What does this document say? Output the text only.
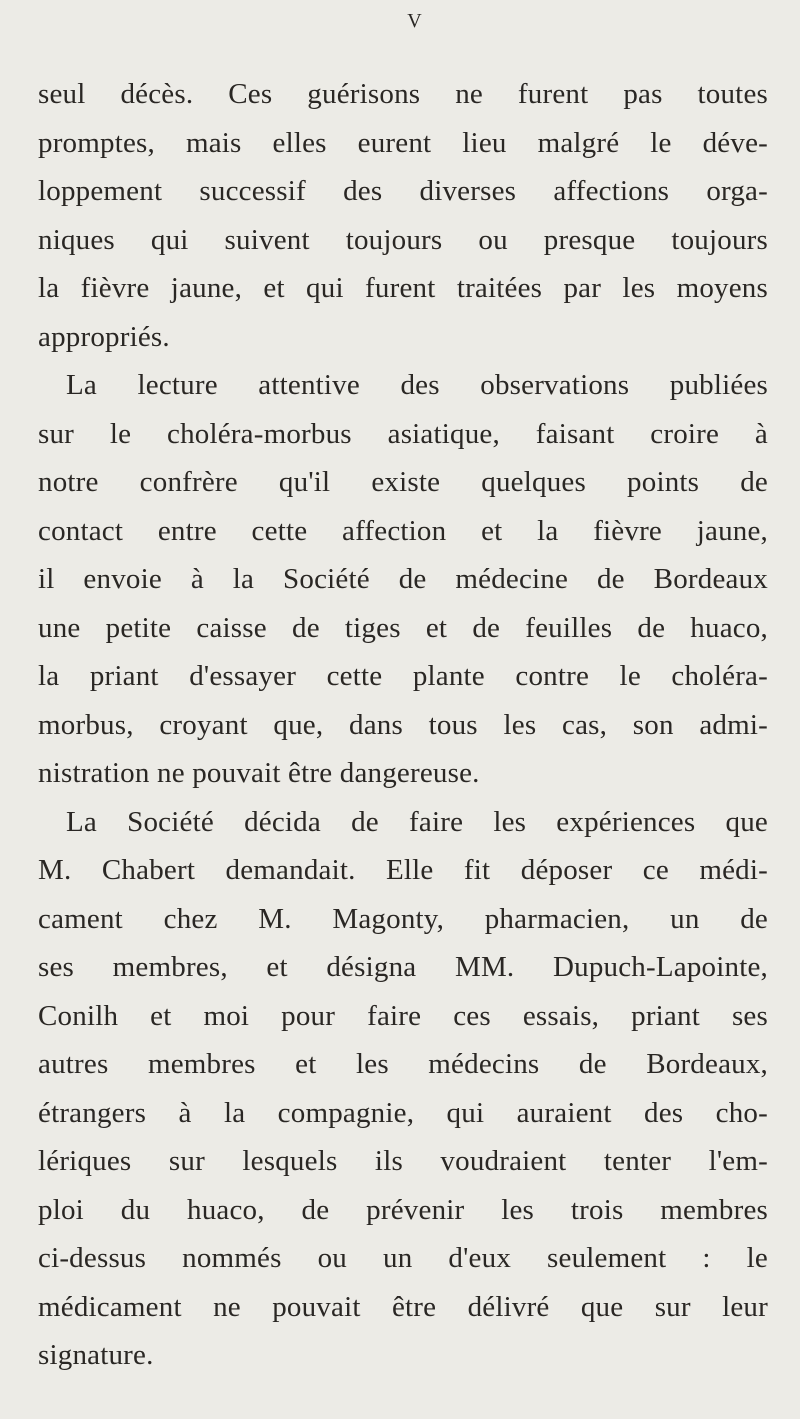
V
seul décès. Ces guérisons ne furent pas toutes
promptes, mais elles eurent lieu malgré le déve-
loppement successif des diverses affections orga-
niques qui suivent toujours ou presque toujours
la fièvre jaune, et qui furent traitées par les moyens
appropriés.
La lecture attentive des observations publiées
sur le choléra-morbus asiatique, faisant croire à
notre confrère qu'il existe quelques points de
contact entre cette affection et la fièvre jaune,
il envoie à la Société de médecine de Bordeaux
une petite caisse de tiges et de feuilles de huaco,
la priant d'essayer cette plante contre le choléra-
morbus, croyant que, dans tous les cas, son admi-
nistration ne pouvait être dangereuse.
La Société décida de faire les expériences que
M. Chabert demandait. Elle fit déposer ce médi-
cament chez M. Magonty, pharmacien, un de
ses membres, et désigna MM. Dupuch-Lapointe,
Conilh et moi pour faire ces essais, priant ses
autres membres et les médecins de Bordeaux,
étrangers à la compagnie, qui auraient des cho-
lériques sur lesquels ils voudraient tenter l'em-
ploi du huaco, de prévenir les trois membres
ci-dessus nommés ou un d'eux seulement : le
médicament ne pouvait être délivré que sur leur
signature.
